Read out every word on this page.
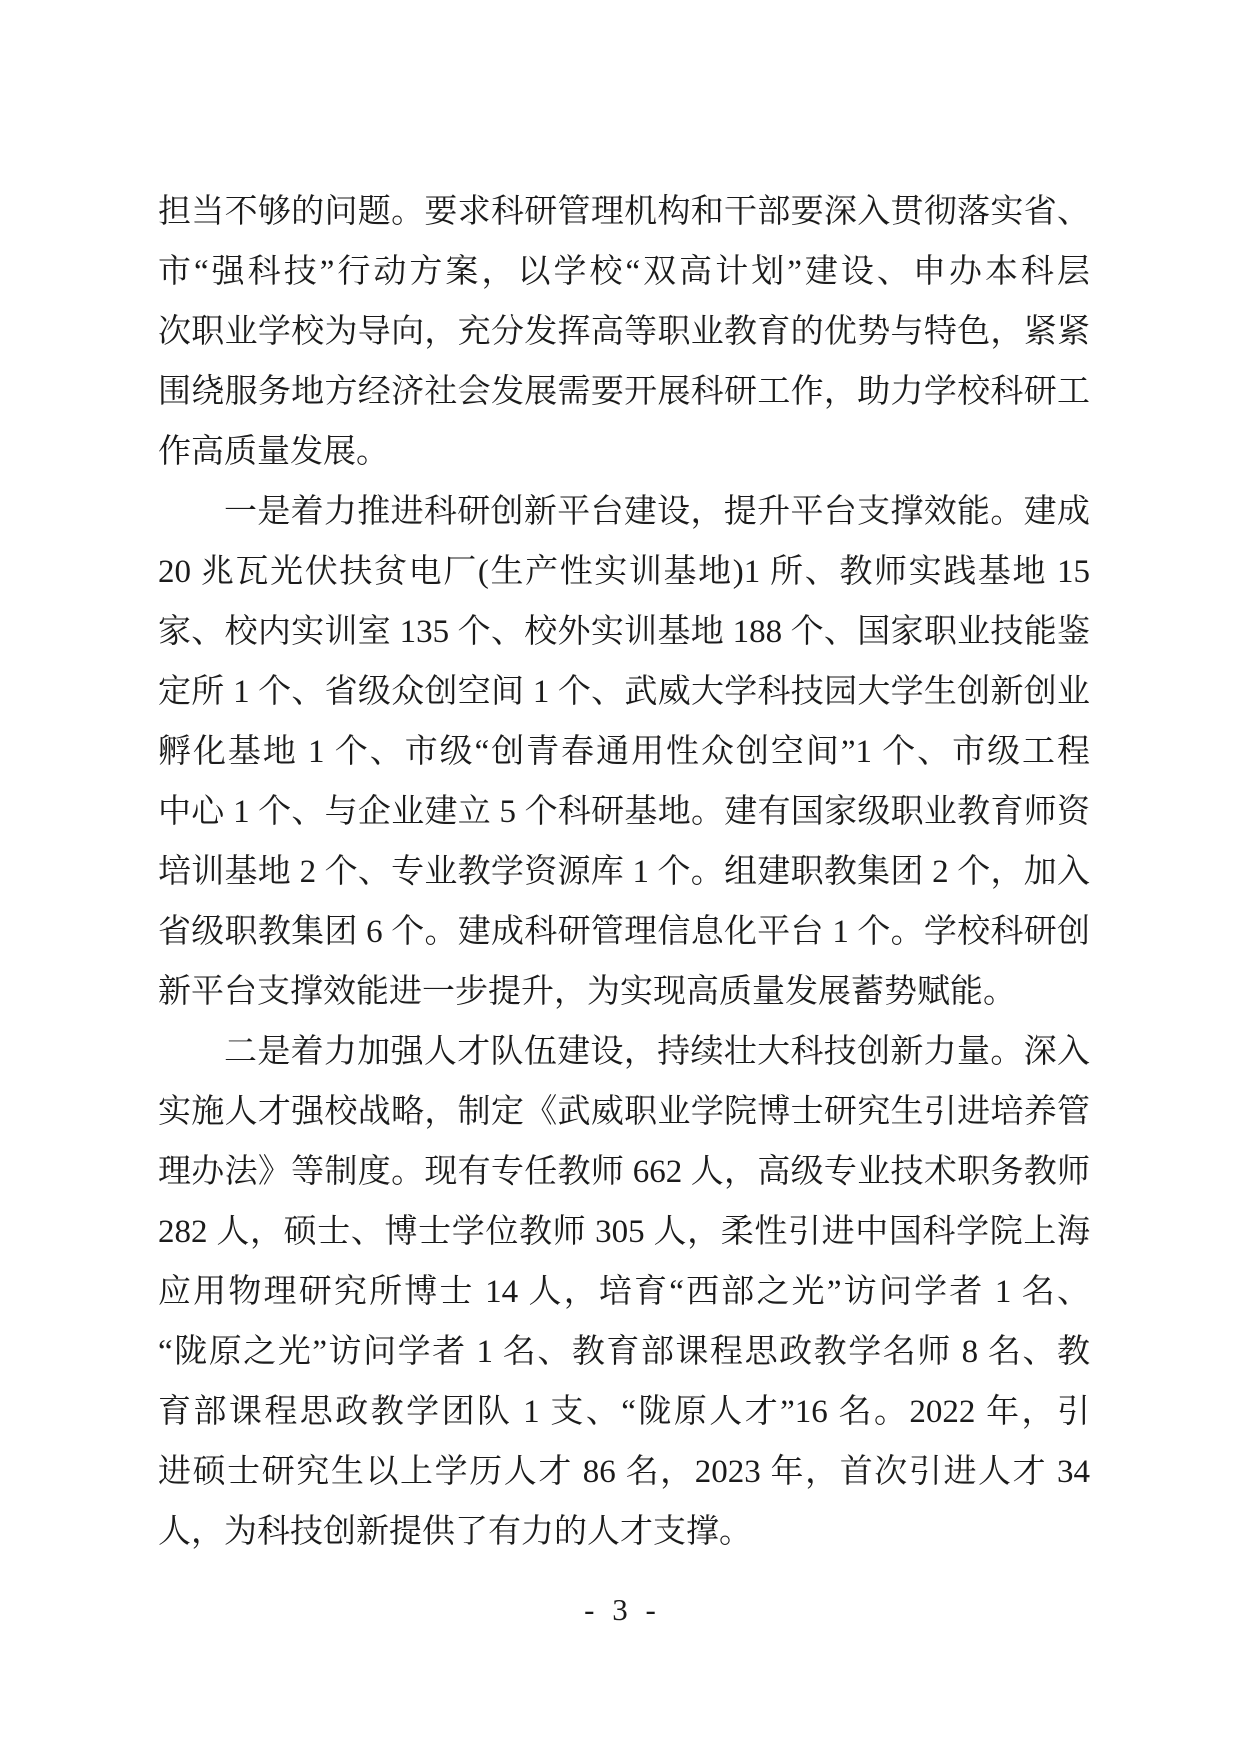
担当不够的问题。要求科研管理机构和干部要深入贯彻落实省、
市“强科技”行动方案，以学校“双高计划”建设、申办本科层
次职业学校为导向，充分发挥高等职业教育的优势与特色，紧紧
围绕服务地方经济社会发展需要开展科研工作，助力学校科研工
作高质量发展。
一是着力推进科研创新平台建设，提升平台支撑效能。建成
20 兆瓦光伏扶贫电厂(生产性实训基地)1 所、教师实践基地 15
家、校内实训室 135 个、校外实训基地 188 个、国家职业技能鉴
定所 1 个、省级众创空间 1 个、武威大学科技园大学生创新创业
孵化基地 1 个、市级“创青春通用性众创空间”1 个、市级工程
中心 1 个、与企业建立 5 个科研基地。建有国家级职业教育师资
培训基地 2 个、专业教学资源库 1 个。组建职教集团 2 个，加入
省级职教集团 6 个。建成科研管理信息化平台 1 个。学校科研创
新平台支撑效能进一步提升，为实现高质量发展蓄势赋能。
二是着力加强人才队伍建设，持续壮大科技创新力量。深入
实施人才强校战略，制定《武威职业学院博士研究生引进培养管
理办法》等制度。现有专任教师 662 人，高级专业技术职务教师
282 人，硕士、博士学位教师 305 人，柔性引进中国科学院上海
应用物理研究所博士 14 人，培育“西部之光”访问学者 1 名、
“陇原之光”访问学者 1 名、教育部课程思政教学名师 8 名、教
育部课程思政教学团队 1 支、“陇原人才”16 名。2022 年，引
进硕士研究生以上学历人才 86 名，2023 年，首次引进人才 34
人，为科技创新提供了有力的人才支撑。
- 3 -
